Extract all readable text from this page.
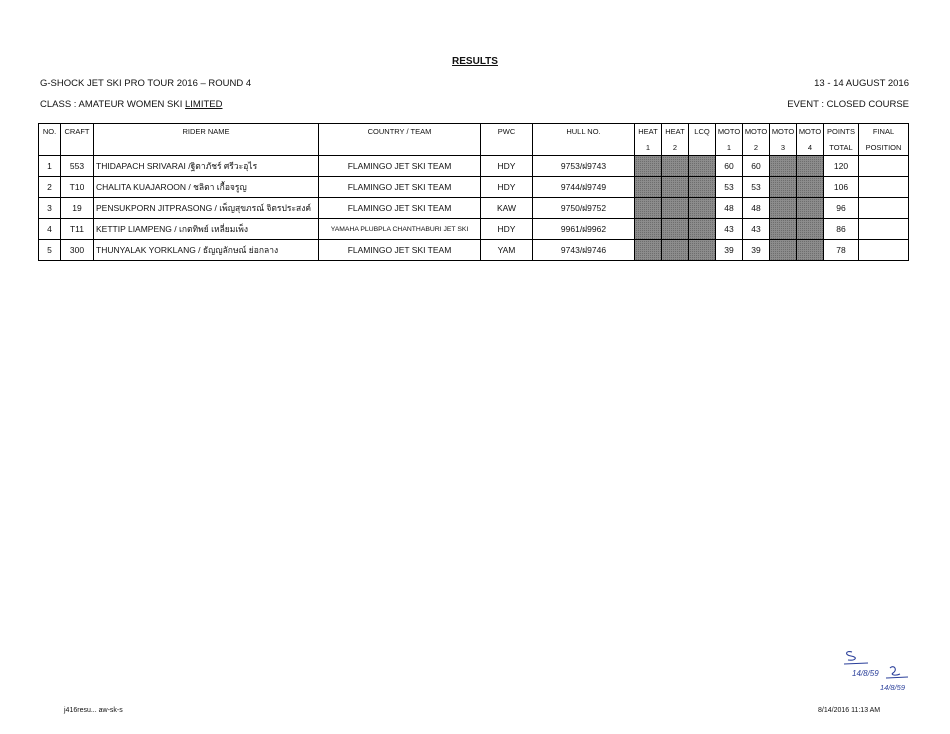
RESULTS
G-SHOCK JET SKI PRO TOUR 2016 – ROUND 4	13 - 14 AUGUST 2016
CLASS : AMATEUR WOMEN SKI LIMITED	EVENT : CLOSED COURSE
NO.	CRAFT	RIDER NAME	COUNTRY / TEAM	PWC	HULL NO.	HEAT	HEAT	LCQ	MOTO	MOTO	MOTO	MOTO	POINTS	FINAL
						1	2		1	2	3	4	TOTAL	POSITION
1	553	THIDAPACH SRIVARAI /ฐิตาภัชร์ ศรีวะอุไร	FLAMINGO JET SKI TEAM	HDY	9753/ฝ9743				60	60			120	
2	T10	CHALITA KUAJAROON / ชลิตา เกื้อจรูญ	FLAMINGO JET SKI TEAM	HDY	9744/ฝ9749				53	53			106	
3	19	PENSUKPORN JITPRASONG / เพ็ญสุขภรณ์ จิตรประสงค์	FLAMINGO JET SKI TEAM	KAW	9750/ฝ9752				48	48			96	
4	T11	KETTIP LIAMPENG / เกตทิพย์ เหลี่ยมเพ็ง	YAMAHA PLUBPLA CHANTHABURI JET SKI	HDY	9961/ฝ9962				43	43			86	
5	300	THUNYALAK YORKLANG / ธัญญลักษณ์ ย่อกลาง	FLAMINGO JET SKI TEAM	YAM	9743/ฝ9746				39	39			78	
14/8/59
14/8/59
j416resu... aw-sk-s	8/14/2016 11:13 AM
